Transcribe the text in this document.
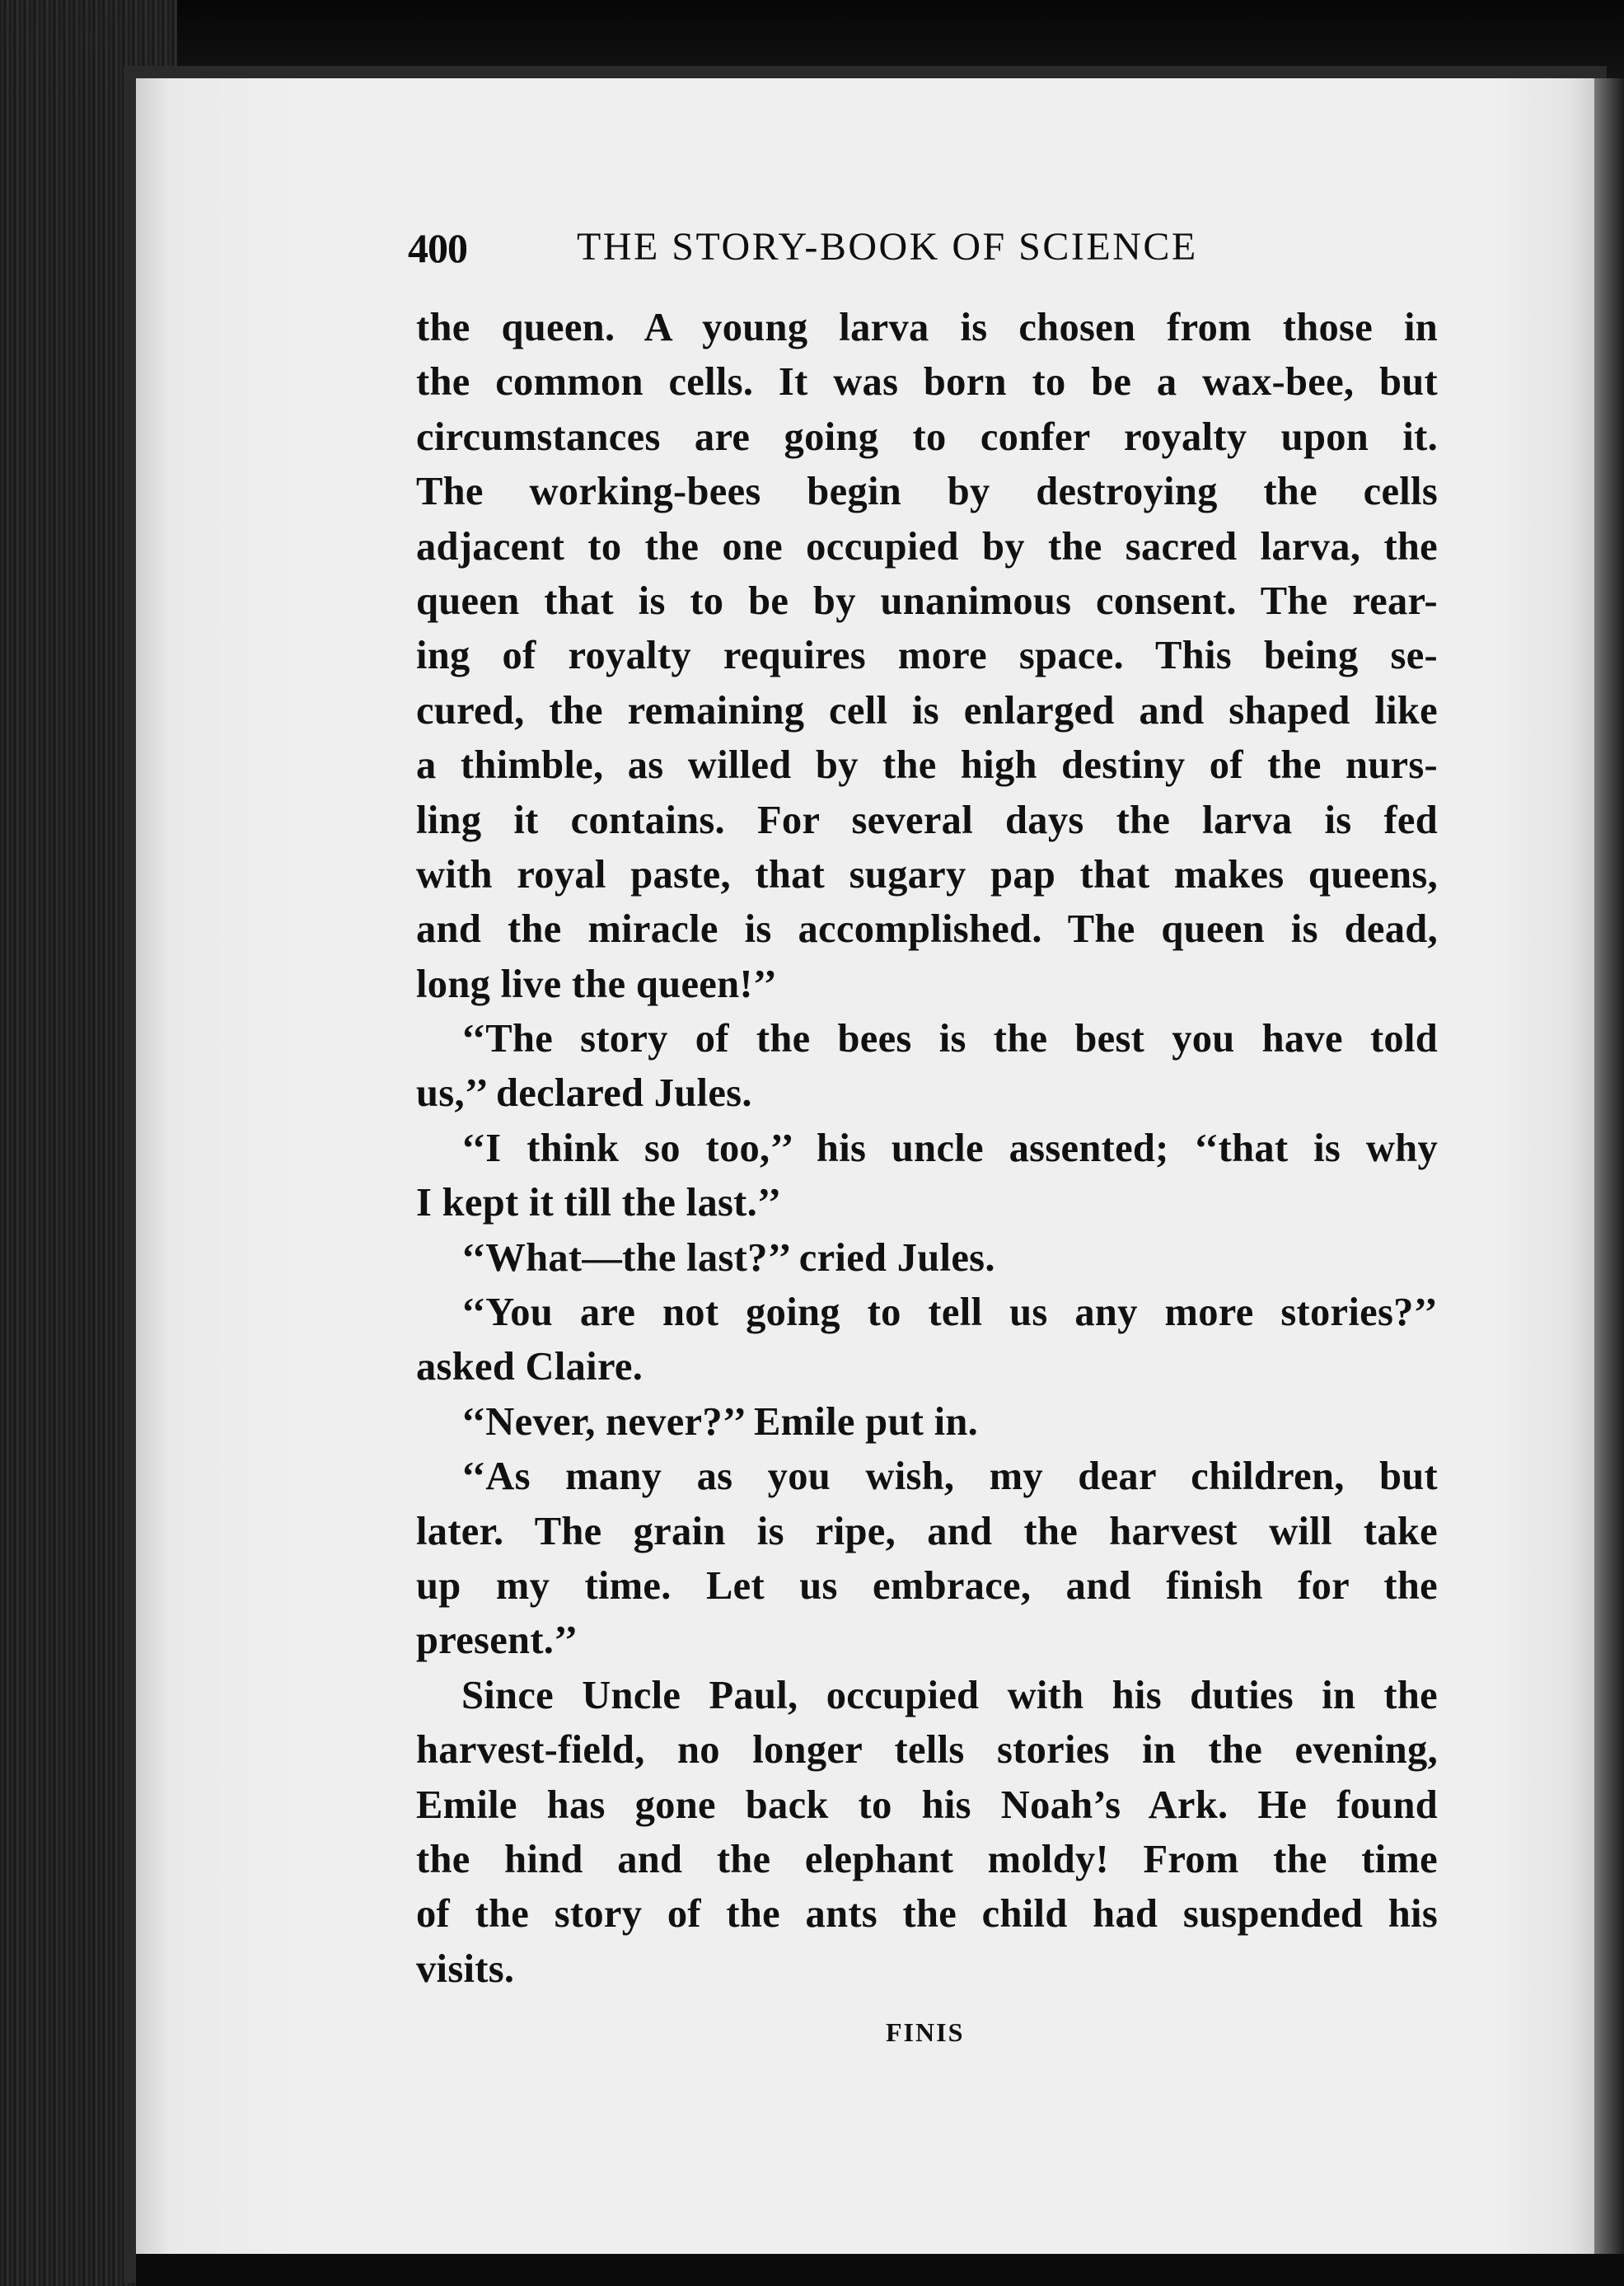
400	THE STORY-BOOK OF SCIENCE
the queen. A young larva is chosen from those in
the common cells. It was born to be a wax-bee, but
circumstances are going to confer royalty upon it.
The working-bees begin by destroying the cells
adjacent to the one occupied by the sacred larva, the
queen that is to be by unanimous consent. The rear-
ing of royalty requires more space. This being se-
cured, the remaining cell is enlarged and shaped like
a thimble, as willed by the high destiny of the nurs-
ling it contains. For several days the larva is fed
with royal paste, that sugary pap that makes queens,
and the miracle is accomplished. The queen is dead,
long live the queen!’’
‘‘The story of the bees is the best you have told
us,’’ declared Jules.
‘‘I think so too,’’ his uncle assented; ‘‘that is why
I kept it till the last.’’
‘‘What—the last?’’ cried Jules.
‘‘You are not going to tell us any more stories?’’
asked Claire.
‘‘Never, never?’’ Emile put in.
‘‘As many as you wish, my dear children, but
later. The grain is ripe, and the harvest will take
up my time. Let us embrace, and finish for the
present.’’
Since Uncle Paul, occupied with his duties in the
harvest-field, no longer tells stories in the evening,
Emile has gone back to his Noah’s Ark. He found
the hind and the elephant moldy! From the time
of the story of the ants the child had suspended his
visits.
FINIS
